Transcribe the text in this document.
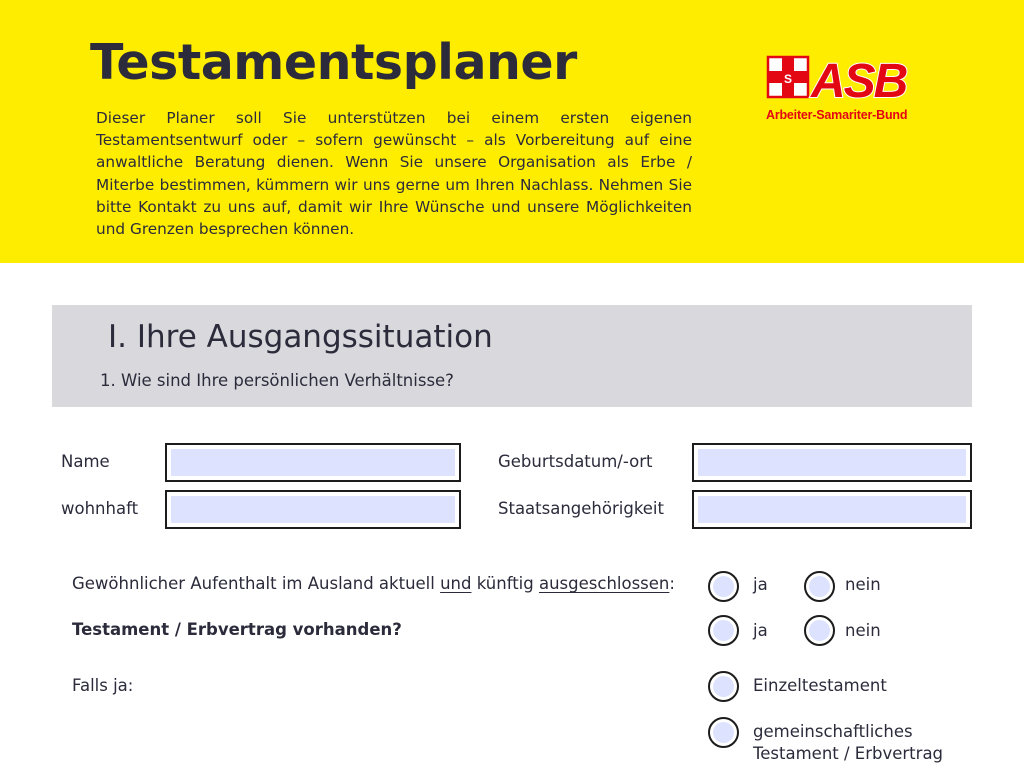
Testamentsplaner
Dieser Planer soll Sie unterstützen bei einem ersten eigenen Testamentsentwurf oder – sofern gewünscht – als Vorbereitung auf eine anwaltliche Beratung dienen. Wenn Sie unsere Organisation als Erbe / Miterbe bestimmen, kümmern wir uns gerne um Ihren Nachlass. Nehmen Sie bitte Kontakt zu uns auf, damit wir Ihre Wünsche und unsere Möglichkeiten und Grenzen besprechen können.
S ASB
Arbeiter-Samariter-Bund
I. Ihre Ausgangssituation
1. Wie sind Ihre persönlichen Verhältnisse?
Name	Geburtsdatum/-ort
wohnhaft	Staatsangehörigkeit
Gewöhnlicher Aufenthalt im Ausland aktuell und künftig ausgeschlossen:	ja	nein
Testament / Erbvertrag vorhanden?	ja	nein
Falls ja:	Einzeltestament
gemeinschaftliches
Testament / Erbvertrag
